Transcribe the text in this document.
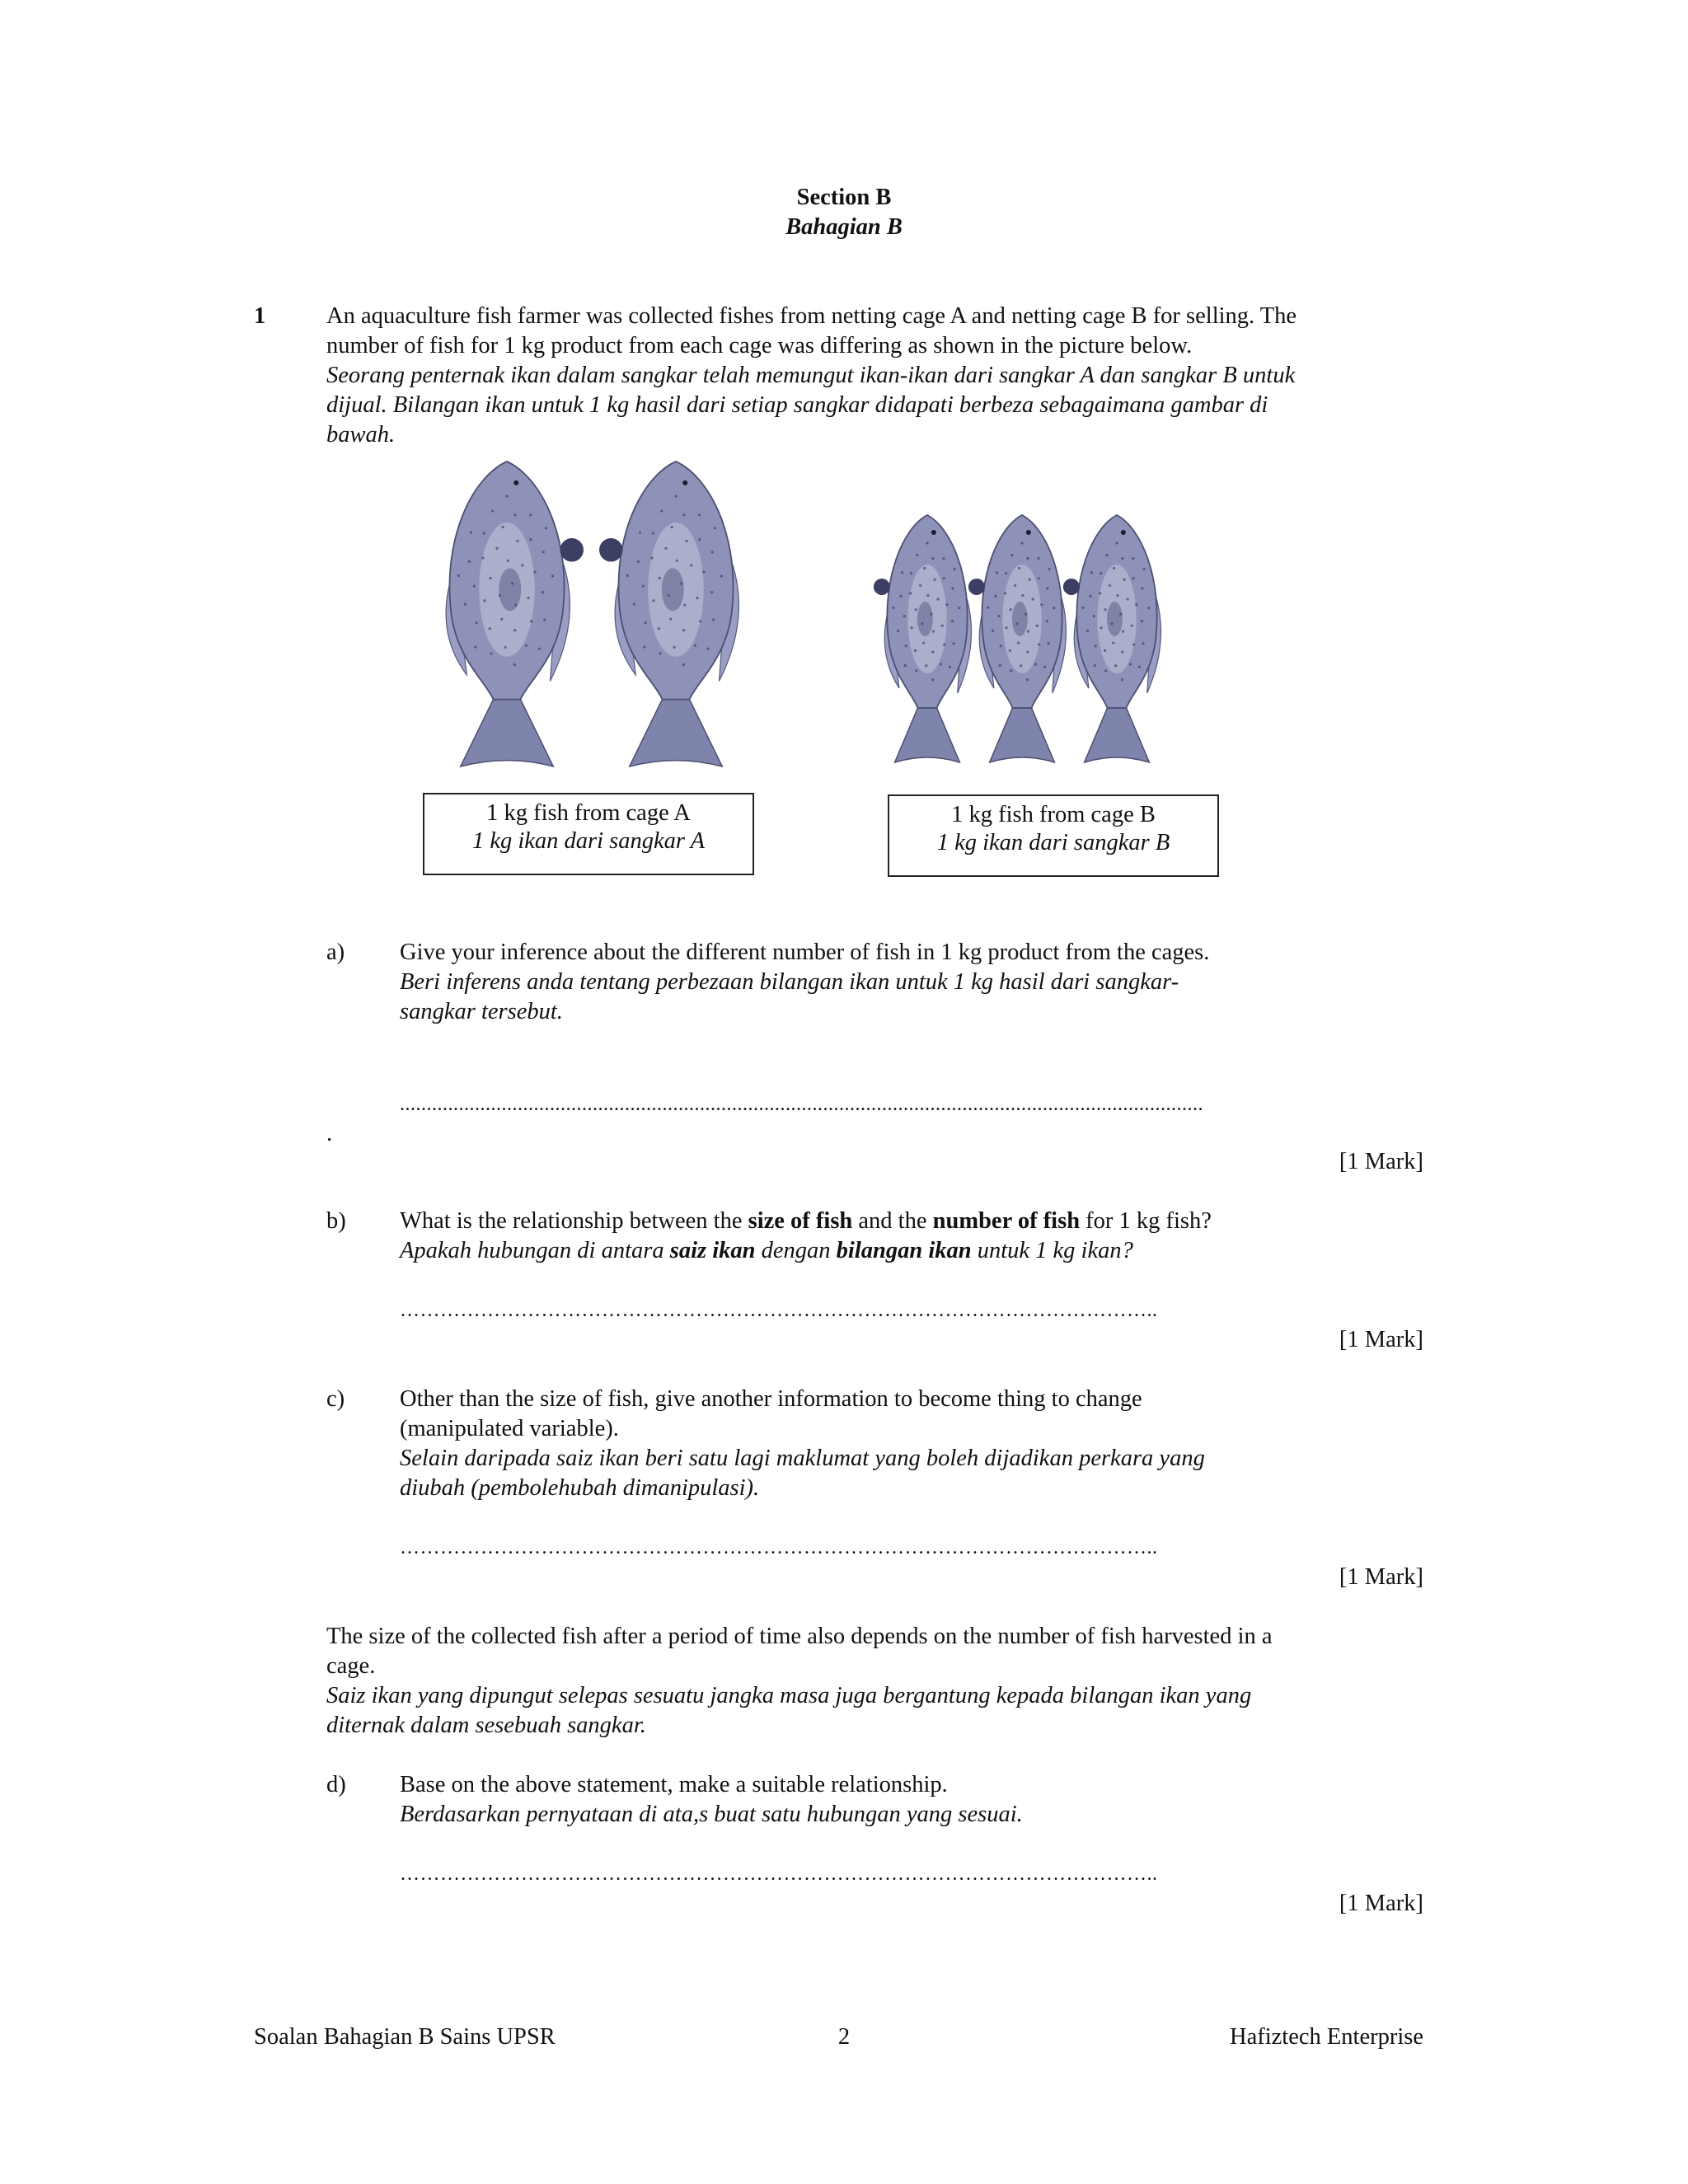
Section B
Bahagian B
1	An aquaculture fish farmer was collected fishes from netting cage A and netting cage B for selling. The
number of fish for 1 kg product from each cage was differing as shown in the picture below.
Seorang penternak ikan dalam sangkar telah memungut ikan-ikan dari sangkar A dan sangkar B untuk
dijual. Bilangan ikan untuk 1 kg hasil dari setiap sangkar didapati berbeza sebagaimana gambar di
bawah.
1 kg fish from cage A
1 kg ikan dari sangkar A
1 kg fish from cage B
1 kg ikan dari sangkar B
a) Give your inference about the different number of fish in 1 kg product from the cages.
Beri inferens anda tentang perbezaan bilangan ikan untuk 1 kg hasil dari sangkar-
sangkar tersebut.
......................................................................................................................................................
.
[1 Mark]
b) What is the relationship between the size of fish and the number of fish for 1 kg fish?
Apakah hubungan di antara saiz ikan dengan bilangan ikan untuk 1 kg ikan?
…………………………………………………………………………………………………..
[1 Mark]
c) Other than the size of fish, give another information to become thing to change
(manipulated variable).
Selain daripada saiz ikan beri satu lagi maklumat yang boleh dijadikan perkara yang
diubah (pembolehubah dimanipulasi).
…………………………………………………………………………………………………..
[1 Mark]
The size of the collected fish after a period of time also depends on the number of fish harvested in a
cage.
Saiz ikan yang dipungut selepas sesuatu jangka masa juga bergantung kepada bilangan ikan yang
diternak dalam sesebuah sangkar.
d) Base on the above statement, make a suitable relationship.
Berdasarkan pernyataan di ata,s buat satu hubungan yang sesuai.
…………………………………………………………………………………………………..
[1 Mark]
Soalan Bahagian B Sains UPSR	2	Hafiztech Enterprise
